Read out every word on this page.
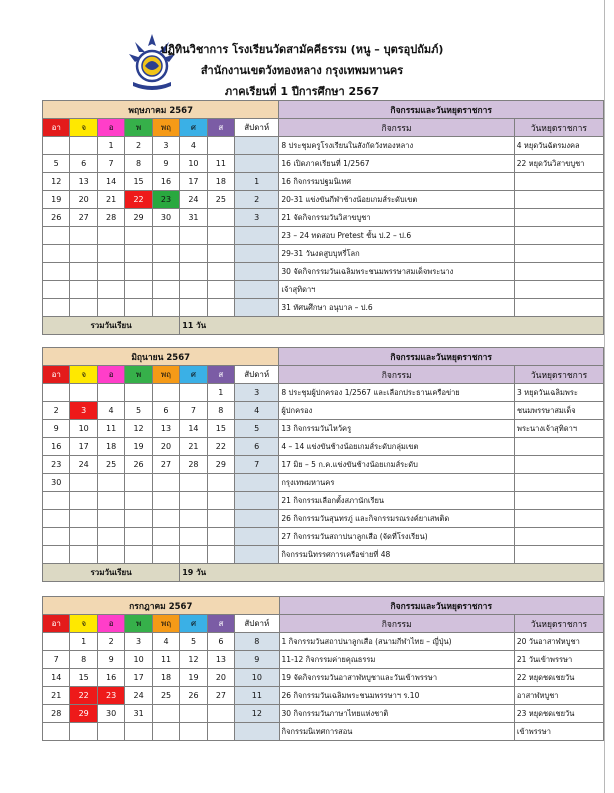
ปฏิทินวิชาการ โรงเรียนวัดสามัคคีธรรม (หนู – บุตรอุปถัมภ์)
สำนักงานเขตวังทองหลาง กรุงเทพมหานคร
ภาคเรียนที่ 1 ปีการศึกษา 2567
พฤษภาคม 2567								กิจกรรมและวันหยุดราชการ	
อา	จ	อ	พ	พฤ	ศ	ส	สัปดาห์	กิจกรรม	วันหยุดราชการ
		1	2	3	4			8 ประชุมครูโรงเรียนในสังกัดวังทองหลาง	4 หยุดวันฉัตรมงคล
5	6	7	8	9	10	11		16 เปิดภาคเรียนที่ 1/2567	22 หยุดวันวิสาขบูชา
12	13	14	15	16	17	18	1	16 กิจกรรมปฐมนิเทศ	
19	20	21	22	23	24	25	2	20-31 แข่งขันกีฬาช้างน้อยเกมส์ระดับเขต	
26	27	28	29	30	31		3	21 จัดกิจกรรมวันวิสาขบูชา	
								23 – 24 ทดสอบ Pretest ชั้น ป.2 – ป.6	
								29-31 วันงดสูบบุหรี่โลก	
								30 จัดกิจกรรมวันเฉลิมพระชนมพรรษาสมเด็จพระนาง	
								เจ้าสุทิดาฯ	
								31 ทัศนศึกษา อนุบาล – ป.6	
รวมวันเรียน					11 วัน				
มิถุนายน 2567								กิจกรรมและวันหยุดราชการ	
อา	จ	อ	พ	พฤ	ศ	ส	สัปดาห์	กิจกรรม	วันหยุดราชการ
						1	3	8 ประชุมผู้ปกครอง 1/2567 และเลือกประธานเครือข่าย	3 หยุดวันเฉลิมพระ
2	3	4	5	6	7	8	4	ผู้ปกครอง	ชนมพรรษาสมเด็จ
9	10	11	12	13	14	15	5	13 กิจกรรมวันไหว้ครู	พระนางเจ้าสุทิดาฯ
16	17	18	19	20	21	22	6	4 – 14 แข่งขันช้างน้อยเกมส์ระดับกลุ่มเขต	
23	24	25	26	27	28	29	7	17 มิย – 5 ก.ค.แข่งขันช้างน้อยเกมส์ระดับ	
30								กรุงเทพมหานคร	
								21 กิจกรรมเลือกตั้งสภานักเรียน	
								26 กิจกรรมวันสุนทรภู่ และกิจกรรมรณรงค์ยาเสพติด	
								27 กิจกรรมวันสถาปนาลูกเสือ (จัดที่โรงเรียน)	
								กิจกรรมนิทรรศการเครือข่ายที่ 48	
รวมวันเรียน					19 วัน				
กรกฎาคม 2567								กิจกรรมและวันหยุดราชการ	
อา	จ	อ	พ	พฤ	ศ	ส	สัปดาห์	กิจกรรม	วันหยุดราชการ
	1	2	3	4	5	6	8	1 กิจกรรมวันสถาปนาลูกเสือ (สนามกีฬาไทย – ญี่ปุ่น)	20 วันอาสาฬหบูชา
7	8	9	10	11	12	13	9	11-12 กิจกรรมค่ายคุณธรรม	21 วันเข้าพรรษา
14	15	16	17	18	19	20	10	19 จัดกิจกรรมวันอาสาฬหบูชาและวันเข้าพรรษา	22 หยุดชดเชยวัน
21	22	23	24	25	26	27	11	26 กิจกรรมวันเฉลิมพระชนมพรรษาฯ ร.10	อาสาฬหบูชา
28	29	30	31				12	30 กิจกรรมวันภาษาไทยแห่งชาติ	23 หยุดชดเชยวัน
								กิจกรรมนิเทศการสอน	เข้าพรรษา
